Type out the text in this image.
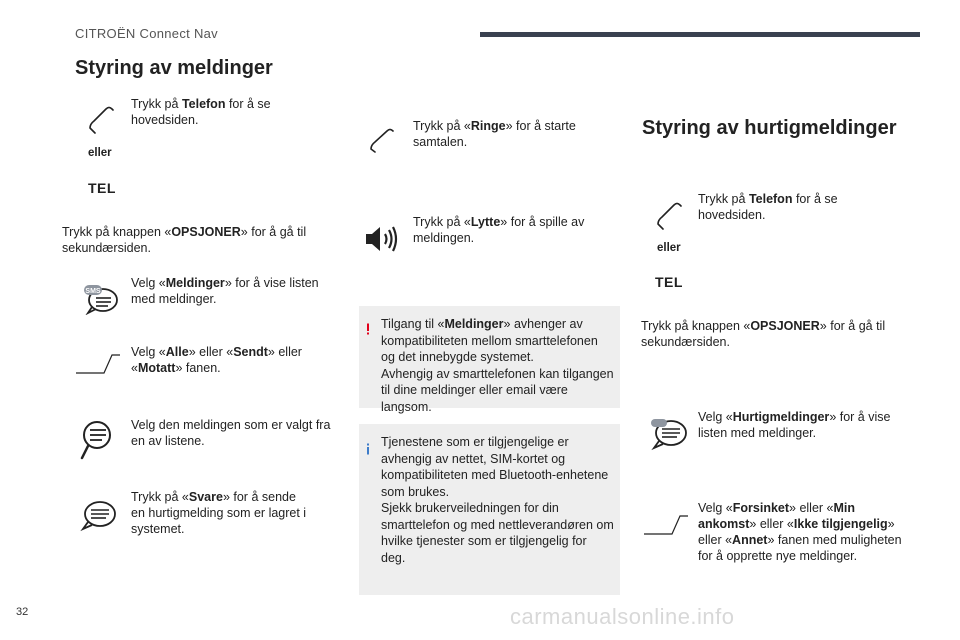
CITROËN Connect Nav
Styring av meldinger
Trykk på Telefon for å se hovedsiden.
eller
TEL
Trykk på knappen «OPSJONER» for å gå til sekundærsiden.
SMS
Velg «Meldinger» for å vise listen med meldinger.
Velg «Alle» eller «Sendt» eller «Motatt» fanen.
Velg den meldingen som er valgt fra en av listene.
Trykk på «Svare» for å sende en hurtigmelding som er lagret i systemet.
Trykk på «Ringe» for å starte samtalen.
Trykk på «Lytte» for å spille av meldingen.
Tilgang til «Meldinger» avhenger av kompatibiliteten mellom smarttelefonen og det innebygde systemet.
Avhengig av smarttelefonen kan tilgangen til dine meldinger eller email være langsom.
Tjenestene som er tilgjengelige er avhengig av nettet, SIM-kortet og kompatibiliteten med Bluetooth-enhetene som brukes.
Sjekk brukerveiledningen for din smarttelefon og med nettleverandøren om hvilke tjenester som er tilgjengelig for deg.
Styring av hurtigmeldinger
Trykk på Telefon for å se hovedsiden.
eller
TEL
Trykk på knappen «OPSJONER» for å gå til sekundærsiden.
Velg «Hurtigmeldinger» for å vise listen med meldinger.
Velg «Forsinket» eller «Min ankomst» eller «Ikke tilgjengelig» eller «Annet» fanen med muligheten for å opprette nye meldinger.
32	carmanualsonline.info
